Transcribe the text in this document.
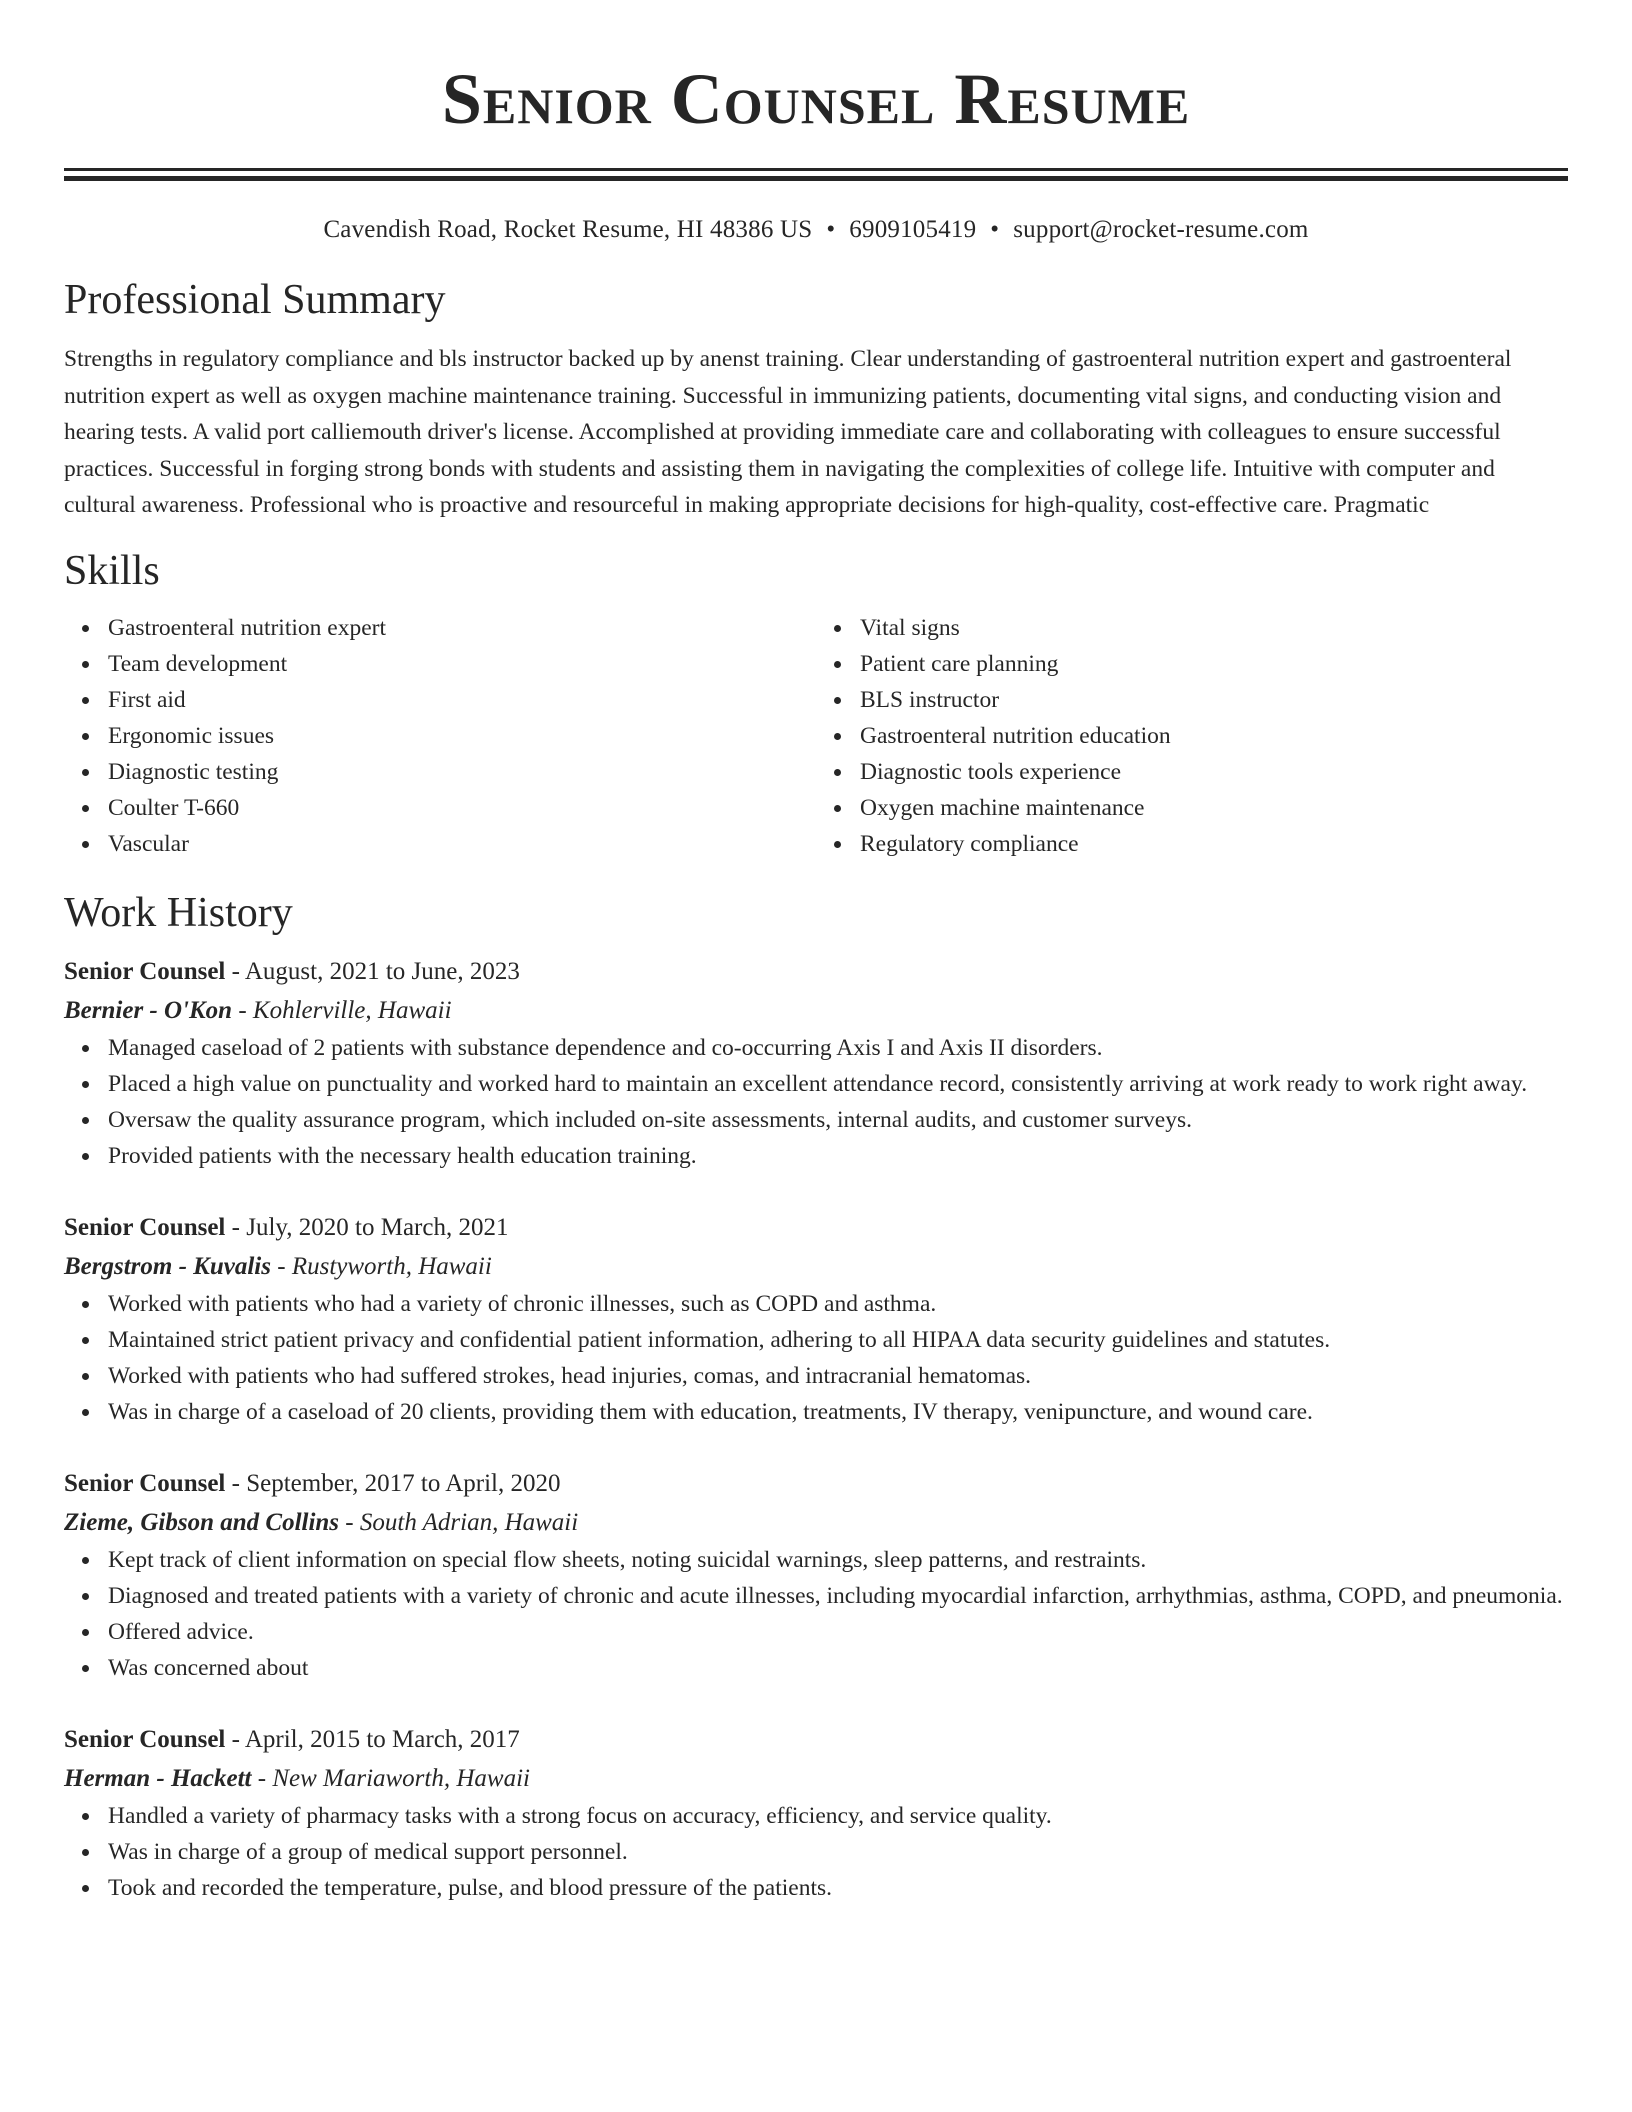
Senior Counsel Resume
Cavendish Road, Rocket Resume, HI 48386 US • 6909105419 • support@rocket-resume.com
Professional Summary

Strengths in regulatory compliance and bls instructor backed up by anenst training. Clear understanding of gastroenteral nutrition expert and gastroenteral nutrition expert as well as oxygen machine maintenance training. Successful in immunizing patients, documenting vital signs, and conducting vision and hearing tests. A valid port calliemouth driver's license. Accomplished at providing immediate care and collaborating with colleagues to ensure successful practices. Successful in forging strong bonds with students and assisting them in navigating the complexities of college life. Intuitive with computer and cultural awareness. Professional who is proactive and resourceful in making appropriate decisions for high-quality, cost-effective care. Pragmatic

Skills
Gastroenteral nutrition expert
Team development
First aid
Ergonomic issues
Diagnostic testing
Coulter T-660
Vascular
Vital signs
Patient care planning
BLS instructor
Gastroenteral nutrition education
Diagnostic tools experience
Oxygen machine maintenance
Regulatory compliance
Work History
Senior Counsel - August, 2021 to June, 2023
Bernier - O'Kon - Kohlerville, Hawaii
Managed caseload of 2 patients with substance dependence and co-occurring Axis I and Axis II disorders.
Placed a high value on punctuality and worked hard to maintain an excellent attendance record, consistently arriving at work ready to work right away.
Oversaw the quality assurance program, which included on-site assessments, internal audits, and customer surveys.
Provided patients with the necessary health education training.
Senior Counsel - July, 2020 to March, 2021
Bergstrom - Kuvalis - Rustyworth, Hawaii
Worked with patients who had a variety of chronic illnesses, such as COPD and asthma.
Maintained strict patient privacy and confidential patient information, adhering to all HIPAA data security guidelines and statutes.
Worked with patients who had suffered strokes, head injuries, comas, and intracranial hematomas.
Was in charge of a caseload of 20 clients, providing them with education, treatments, IV therapy, venipuncture, and wound care.
Senior Counsel - September, 2017 to April, 2020
Zieme, Gibson and Collins - South Adrian, Hawaii
Kept track of client information on special flow sheets, noting suicidal warnings, sleep patterns, and restraints.
Diagnosed and treated patients with a variety of chronic and acute illnesses, including myocardial infarction, arrhythmias, asthma, COPD, and pneumonia.
Offered advice.
Was concerned about
Senior Counsel - April, 2015 to March, 2017
Herman - Hackett - New Mariaworth, Hawaii
Handled a variety of pharmacy tasks with a strong focus on accuracy, efficiency, and service quality.
Was in charge of a group of medical support personnel.
Took and recorded the temperature, pulse, and blood pressure of the patients.
